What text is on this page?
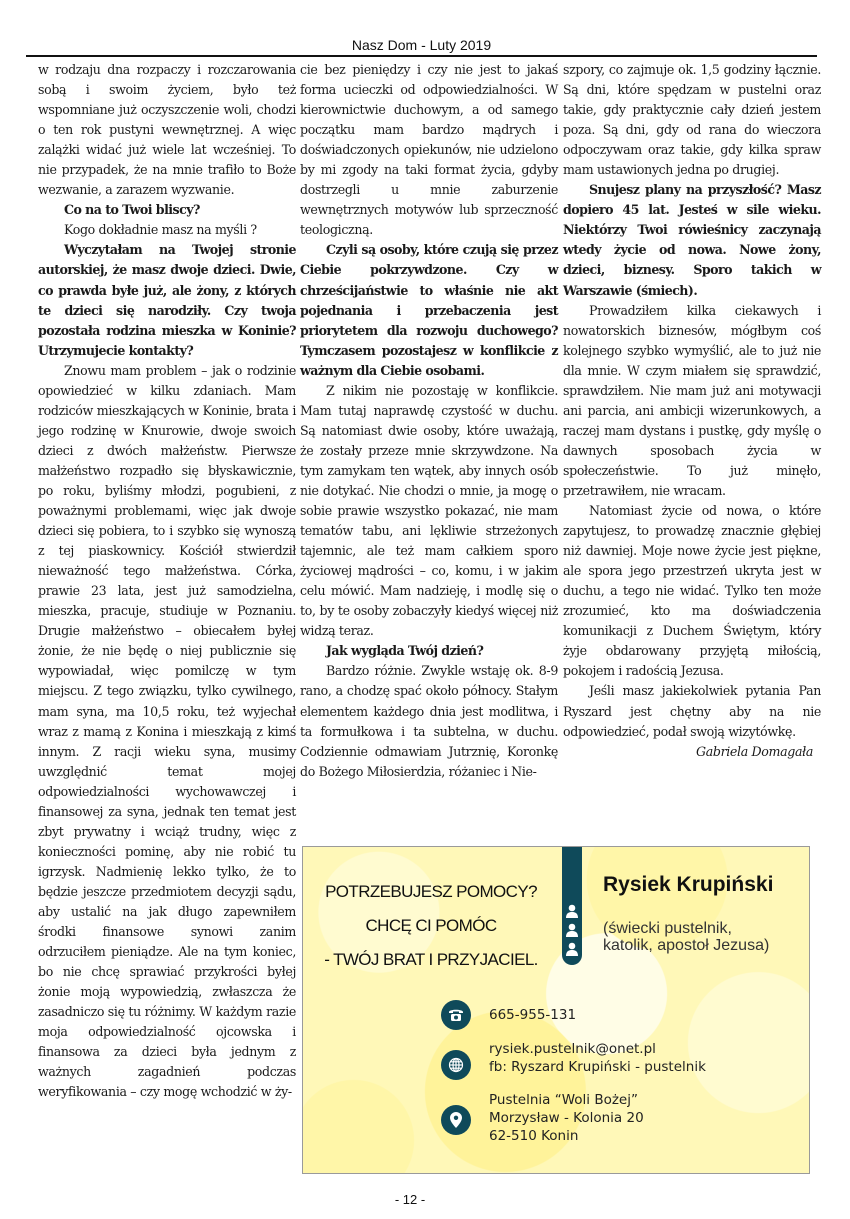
Nasz Dom - Luty 2019

w rodzaju dna rozpaczy i rozczarowania sobą i swoim życiem, było też wspomniane już oczyszczenie woli, chodzi o ten rok pustyni wewnętrznej. A więc zalążki widać już wiele lat wcześniej. To nie przypadek, że na mnie trafiło to Boże wezwanie, a zarazem wyzwanie.

Co na to Twoi bliscy?

Kogo dokładnie masz na myśli ?

Wyczytałam na Twojej stronie autorskiej, że masz dwoje dzieci. Dwie, co prawda byłe już, ale żony, z których te dzieci się narodziły. Czy twoja pozostała rodzina mieszka w Koninie? Utrzymujecie kontakty?

Znowu mam problem – jak o rodzinie opowiedzieć w kilku zdaniach. Mam rodziców mieszkających w Koninie, brata i jego rodzinę w Knurowie, dwoje swoich dzieci z dwóch małżeństw. Pierwsze małżeństwo rozpadło się błyskawicznie, po roku, byliśmy młodzi, pogubieni, z poważnymi problemami, więc jak dwoje dzieci się pobiera, to i szybko się wynoszą z tej piaskownicy. Kościół stwierdził nieważność tego małżeństwa. Córka, prawie 23 lata, jest już samodzielna, mieszka, pracuje, studiuje w Poznaniu. Drugie małżeństwo – obiecałem byłej żonie, że nie będę o niej publicznie się wypowiadał, więc pomilczę w tym miejscu. Z tego związku, tylko cywilnego, mam syna, ma 10,5 roku, też wyjechał wraz z mamą z Konina i mieszkają z kimś innym. Z racji wieku syna, musimy uwzględnić temat mojej odpowiedzialności wychowawczej i finansowej za syna, jednak ten temat jest zbyt prywatny i wciąż trudny, więc z konieczności pominę, aby nie robić tu igrzysk. Nadmienię lekko tylko, że to będzie jeszcze przedmiotem decyzji sądu, aby ustalić na jak długo zapewniłem środki finansowe synowi zanim odrzuciłem pieniądze. Ale na tym koniec, bo nie chcę sprawiać przykrości byłej żonie moją wypowiedzią, zwłaszcza że zasadniczo się tu różnimy. W każdym razie moja odpowiedzialność ojcowska i finansowa za dzieci była jednym z ważnych zagadnień podczas weryfikowania – czy mogę wchodzić w ży-

cie bez pieniędzy i czy nie jest to jakaś forma ucieczki od odpowiedzialności. W kierownictwie duchowym, a od samego początku mam bardzo mądrych i doświadczonych opiekunów, nie udzielono by mi zgody na taki format życia, gdyby dostrzegli u mnie zaburzenie wewnętrznych motywów lub sprzeczność teologiczną.

Czyli są osoby, które czują się przez Ciebie pokrzywdzone. Czy w chrześcijaństwie to właśnie nie akt pojednania i przebaczenia jest priorytetem dla rozwoju duchowego? Tymczasem pozostajesz w konflikcie z ważnym dla Ciebie osobami.

Z nikim nie pozostaję w konflikcie. Mam tutaj naprawdę czystość w duchu. Są natomiast dwie osoby, które uważają, że zostały przeze mnie skrzywdzone. Na tym zamykam ten wątek, aby innych osób nie dotykać. Nie chodzi o mnie, ja mogę o sobie prawie wszystko pokazać, nie mam tematów tabu, ani lękliwie strzeżonych tajemnic, ale też mam całkiem sporo życiowej mądrości – co, komu, i w jakim celu mówić. Mam nadzieję, i modlę się o to, by te osoby zobaczyły kiedyś więcej niż widzą teraz.

Jak wygląda Twój dzień?

Bardzo różnie. Zwykle wstaję ok. 8-9 rano, a chodzę spać około północy. Stałym elementem każdego dnia jest modlitwa, i ta formułkowa i ta subtelna, w duchu. Codziennie odmawiam Jutrznię, Koronkę do Bożego Miłosierdzia, różaniec i Nie-

szpory, co zajmuje ok. 1,5 godziny łącznie. Są dni, które spędzam w pustelni oraz takie, gdy praktycznie cały dzień jestem poza. Są dni, gdy od rana do wieczora odpoczywam oraz takie, gdy kilka spraw mam ustawionych jedna po drugiej.

Snujesz plany na przyszłość? Masz dopiero 45 lat. Jesteś w sile wieku. Niektórzy Twoi rówieśnicy zaczynają wtedy życie od nowa. Nowe żony, dzieci, biznesy. Sporo takich w Warszawie (śmiech).

Prowadziłem kilka ciekawych i nowatorskich biznesów, mógłbym coś kolejnego szybko wymyślić, ale to już nie dla mnie. W czym miałem się sprawdzić, sprawdziłem. Nie mam już ani motywacji ani parcia, ani ambicji wizerunkowych, a raczej mam dystans i pustkę, gdy myślę o dawnych sposobach życia w społeczeństwie. To już minęło, przetrawiłem, nie wracam.

Natomiast życie od nowa, o które zapytujesz, to prowadzę znacznie głębiej niż dawniej. Moje nowe życie jest piękne, ale spora jego przestrzeń ukryta jest w duchu, a tego nie widać. Tylko ten może zrozumieć, kto ma doświadczenia komunikacji z Duchem Świętym, który żyje obdarowany przyjętą miłością, pokojem i radością Jezusa.

Jeśli masz jakiekolwiek pytania Pan Ryszard jest chętny aby na nie odpowiedzieć, podał swoją wizytówkę.

Gabriela Domagała

POTRZEBUJESZ POMOCY?
CHCĘ CI POMÓC
- TWÓJ BRAT I PRZYJACIEL.
Rysiek Krupiński
(świecki pustelnik,
katolik, apostoł Jezusa)
665-955-131
rysiek.pustelnik@onet.pl
fb: Ryszard Krupiński - pustelnik
Pustelnia “Woli Bożej”
Morzysław - Kolonia 20
62-510 Konin
- 12 -
